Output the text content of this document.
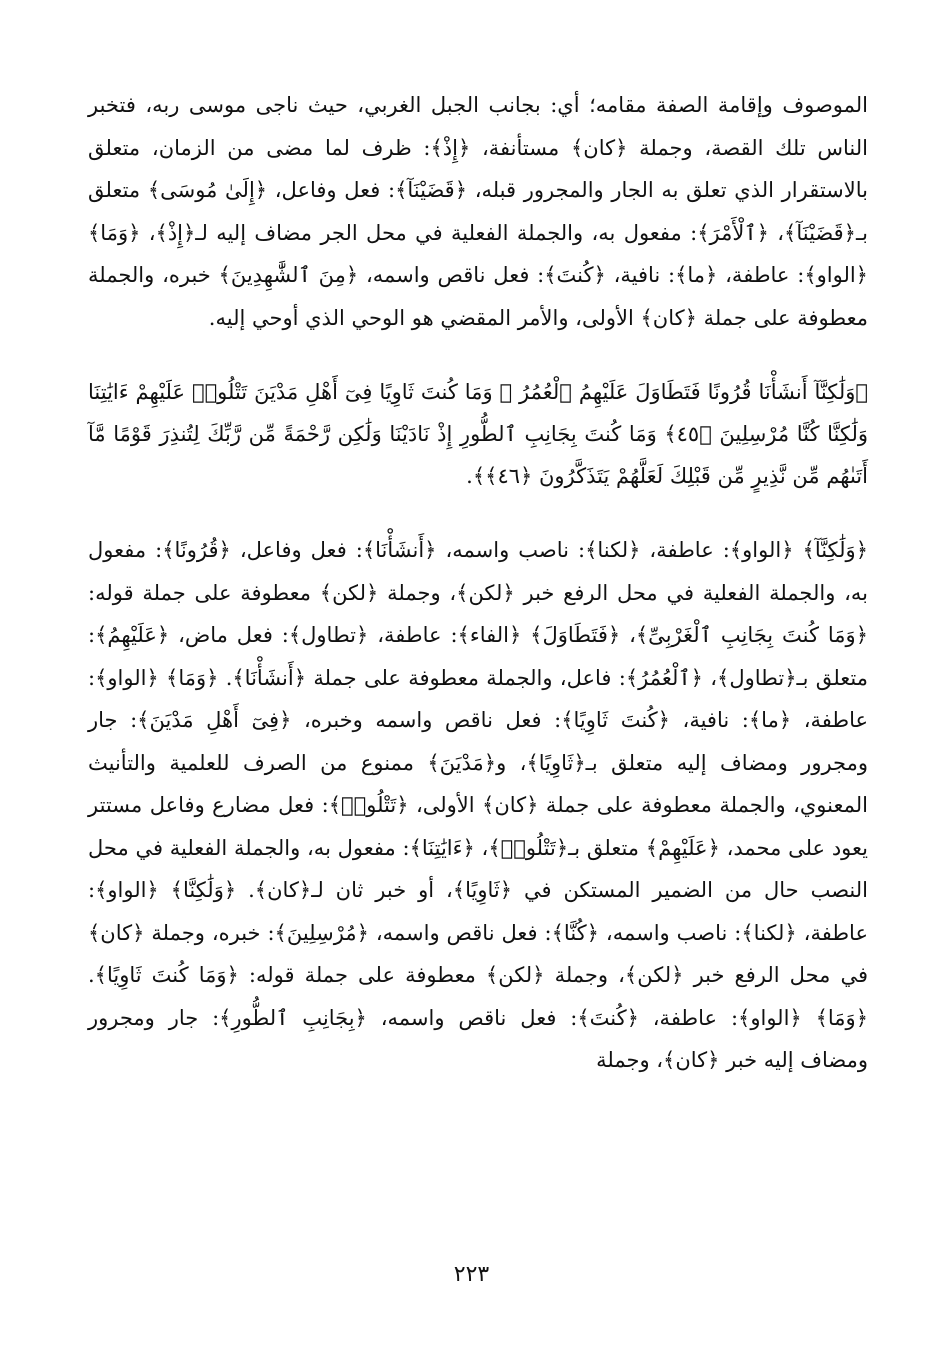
الموصوف وإقامة الصفة مقامه؛ أي: بجانب الجبل الغربي، حيث ناجى موسى ربه، فتخبر الناس تلك القصة، وجملة ﴿كان﴾ مستأنفة، ﴿إِذْ﴾: ظرف لما مضى من الزمان، متعلق بالاستقرار الذي تعلق به الجار والمجرور قبله، ﴿قَضَيْنَآ﴾: فعل وفاعل، ﴿إِلَىٰ مُوسَى﴾ متعلق بـ﴿قَضَيْنَآ﴾، ﴿ٱلْأَمْرَ﴾: مفعول به، والجملة الفعلية في محل الجر مضاف إليه لـ﴿إِذْ﴾، ﴿وَمَا﴾ ﴿الواو﴾: عاطفة، ﴿ما﴾: نافية، ﴿كُنتَ﴾: فعل ناقص واسمه، ﴿مِنَ ٱلشَّٰهِدِينَ﴾ خبره، والجملة معطوفة على جملة ﴿كان﴾ الأولى، والأمر المقضي هو الوحي الذي أوحي إليه.

﴿وَلَٰكِنَّآ أَنشَأْنَا قُرُونًا فَتَطَاوَلَ عَلَيْهِمُ ٱلْعُمُرُ ۚ وَمَا كُنتَ ثَاوِيًا فِىٓ أَهْلِ مَدْيَنَ تَتْلُوا۟ عَلَيْهِمْ ءَايَٰتِنَا وَلَٰكِنَّا كُنَّا مُرْسِلِينَ ﴿٤٥﴾ وَمَا كُنتَ بِجَانِبِ ٱلطُّورِ إِذْ نَادَيْنَا وَلَٰكِن رَّحْمَةً مِّن رَّبِّكَ لِتُنذِرَ قَوْمًا مَّآ أَتَىٰهُم مِّن نَّذِيرٍ مِّن قَبْلِكَ لَعَلَّهُمْ يَتَذَكَّرُونَ ﴿٤٦﴾﴾.

﴿وَلَٰكِنَّآ﴾ ﴿الواو﴾: عاطفة، ﴿لكنا﴾: ناصب واسمه، ﴿أَنشَأْنَا﴾: فعل وفاعل، ﴿قُرُونًا﴾: مفعول به، والجملة الفعلية في محل الرفع خبر ﴿لكن﴾، وجملة ﴿لكن﴾ معطوفة على جملة قوله: ﴿وَمَا كُنتَ بِجَانِبِ ٱلْغَرْبِىِّ﴾، ﴿فَتَطَاوَلَ﴾ ﴿الفاء﴾: عاطفة، ﴿تطاول﴾: فعل ماض، ﴿عَلَيْهِمُ﴾: متعلق بـ﴿تطاول﴾، ﴿ٱلْعُمُرُ﴾: فاعل، والجملة معطوفة على جملة ﴿أَنشَأْنَا﴾. ﴿وَمَا﴾ ﴿الواو﴾: عاطفة، ﴿ما﴾: نافية، ﴿كُنتَ ثَاوِيًا﴾: فعل ناقص واسمه وخبره، ﴿فِىٓ أَهْلِ مَدْيَنَ﴾: جار ومجرور ومضاف إليه متعلق بـ﴿ثَاوِيًا﴾، و﴿مَدْيَنَ﴾ ممنوع من الصرف للعلمية والتأنيث المعنوي، والجملة معطوفة على جملة ﴿كان﴾ الأولى، ﴿تَتْلُوا۟﴾: فعل مضارع وفاعل مستتر يعود على محمد، ﴿عَلَيْهِمْ﴾ متعلق بـ﴿تَتْلُوا۟﴾، ﴿ءَايَٰتِنَا﴾: مفعول به، والجملة الفعلية في محل النصب حال من الضمير المستكن في ﴿ثَاوِيًا﴾، أو خبر ثان لـ﴿كان﴾. ﴿وَلَٰكِنَّا﴾ ﴿الواو﴾: عاطفة، ﴿لكنا﴾: ناصب واسمه، ﴿كُنَّا﴾: فعل ناقص واسمه، ﴿مُرْسِلِينَ﴾: خبره، وجملة ﴿كان﴾ في محل الرفع خبر ﴿لكن﴾، وجملة ﴿لكن﴾ معطوفة على جملة قوله: ﴿وَمَا كُنتَ ثَاوِيًا﴾. ﴿وَمَا﴾ ﴿الواو﴾: عاطفة، ﴿كُنتَ﴾: فعل ناقص واسمه، ﴿بِجَانِبِ ٱلطُّورِ﴾: جار ومجرور ومضاف إليه خبر ﴿كان﴾، وجملة

٢٢٣
